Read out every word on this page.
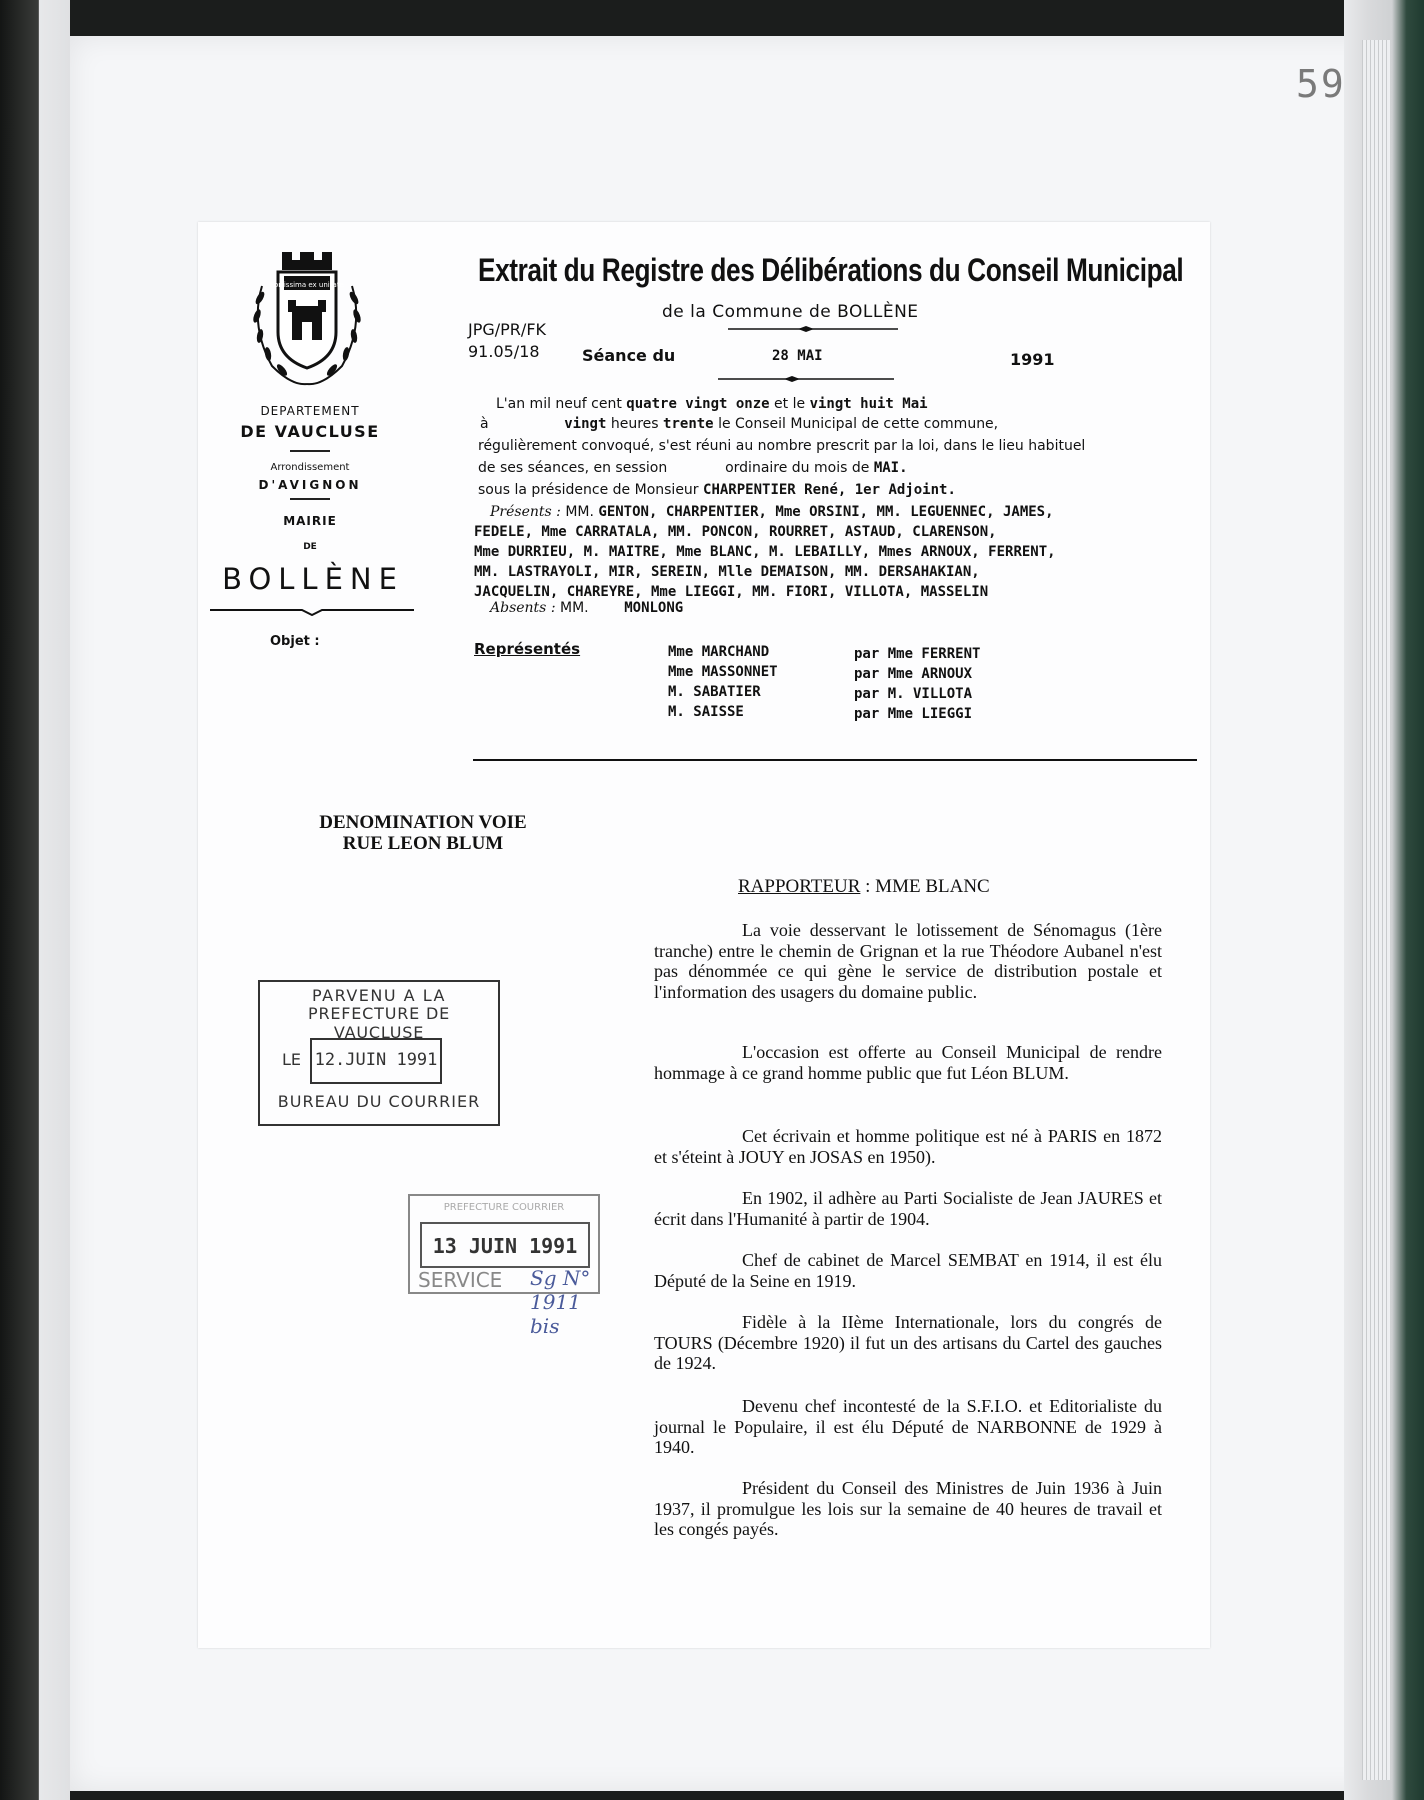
59
Fortissima ex unitate
DEPARTEMENT
DE VAUCLUSE
Arrondissement
D'AVIGNON
MAIRIE
DE
BOLLÈNE
Objet :
Extrait du Registre des Délibérations du Conseil Municipal
de la Commune de BOLLÈNE
JPG/PR/FK
91.05/18	Séance du	28 MAI	1991
L'an mil neuf cent quatre vingt onze et le vingt huit Mai
à	vingt heures trente le Conseil Municipal de cette commune,
régulièrement convoqué, s'est réuni au nombre prescrit par la loi, dans le lieu habituel
de ses séances, en session	ordinaire du mois de MAI.
sous la présidence de Monsieur CHARPENTIER René, 1er Adjoint.
Présents : MM. GENTON, CHARPENTIER, Mme ORSINI, MM. LEGUENNEC, JAMES,
FEDELE, Mme CARRATALA, MM. PONCON, ROURRET, ASTAUD, CLARENSON,
Mme DURRIEU, M. MAITRE, Mme BLANC, M. LEBAILLY, Mmes ARNOUX, FERRENT,
MM. LASTRAYOLI, MIR, SEREIN, Mlle DEMAISON, MM. DERSAHAKIAN,
JACQUELIN, CHAREYRE, Mme LIEGGI, MM. FIORI, VILLOTA, MASSELIN
Absents : MM.	MONLONG
Représentés	Mme MARCHAND	par Mme FERRENT
Mme MASSONNET	par Mme ARNOUX
M. SABATIER	par M. VILLOTA
M. SAISSE	par Mme LIEGGI
DENOMINATION VOIE
RUE LEON BLUM
RAPPORTEUR : MME BLANC
La voie desservant le lotissement de Sénomagus (1ère tranche) entre le chemin de Grignan et la rue Théodore Aubanel n'est pas dénommée ce qui gène le service de distribution postale et l'information des usagers du domaine public.
L'occasion est offerte au Conseil Municipal de rendre hommage à ce grand homme public que fut Léon BLUM.
Cet écrivain et homme politique est né à PARIS en 1872 et s'éteint à JOUY en JOSAS en 1950).
En 1902, il adhère au Parti Socialiste de Jean JAURES et écrit dans l'Humanité à partir de 1904.
Chef de cabinet de Marcel SEMBAT en 1914, il est élu Député de la Seine en 1919.
Fidèle à la IIème Internationale, lors du congrés de TOURS (Décembre 1920) il fut un des artisans du Cartel des gauches de 1924.
Devenu chef incontesté de la S.F.I.O. et Editorialiste du journal le Populaire, il est élu Député de NARBONNE de 1929 à 1940.
Président du Conseil des Ministres de Juin 1936 à Juin 1937, il promulgue les lois sur la semaine de 40 heures de travail et les congés payés.
PARVENU A LA
PREFECTURE DE VAUCLUSE
LE 12.JUIN 1991
BUREAU DU COURRIER
PREFECTURE COURRIER
13 JUIN 1991
SERVICE Sg N° 1911 bis
